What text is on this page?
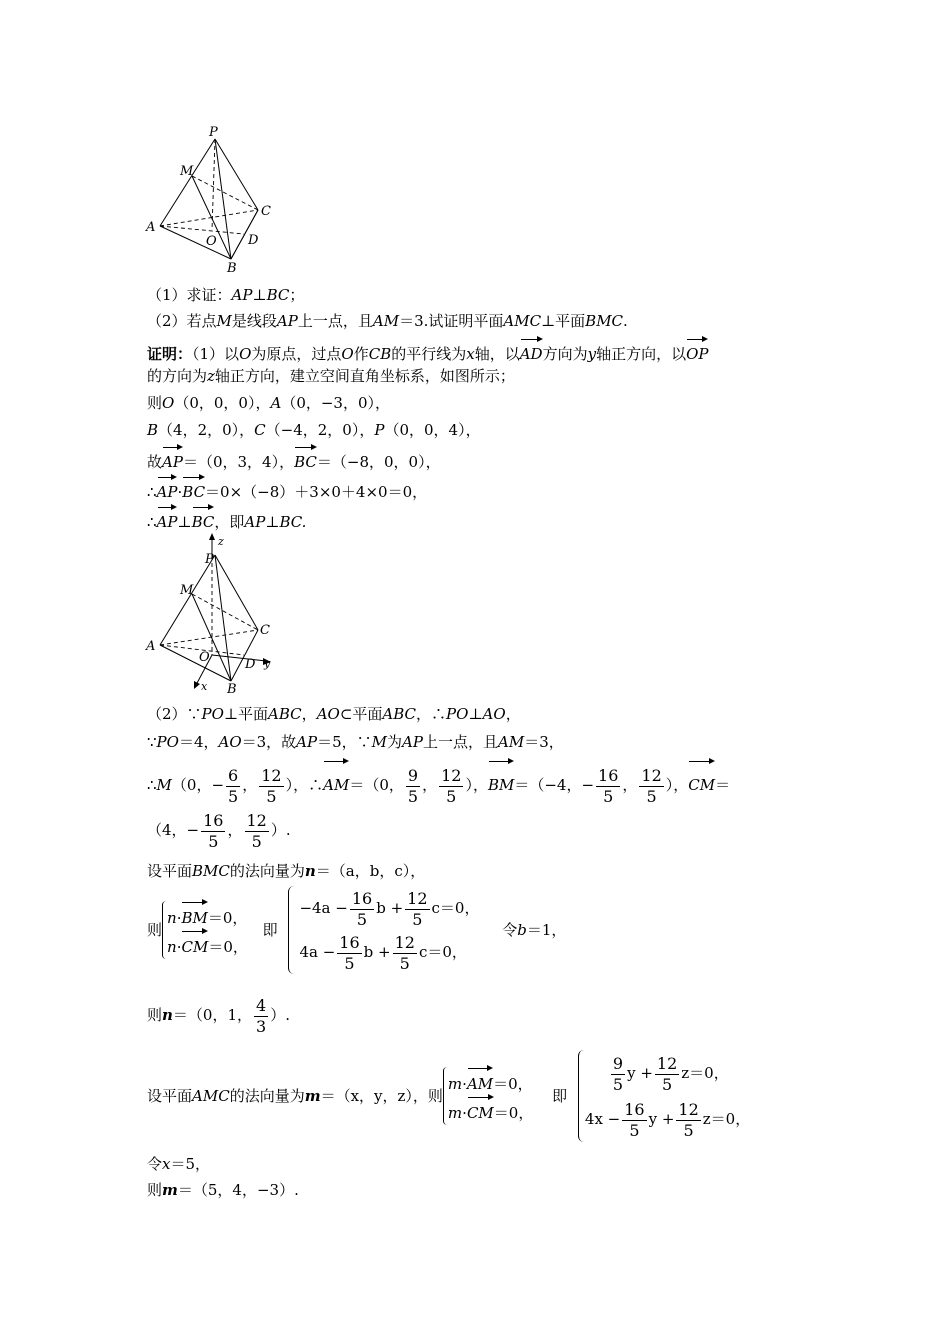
P
M
A
B
C
D
O
（1）求证：AP⊥BC；
（2）若点M是线段AP上一点，且AM＝3.试证明平面AMC⊥平面BMC.
证明：（1）以O为原点，过点O作CB的平行线为x轴，以AD方向为y轴正方向，以OP
的方向为z轴正方向，建立空间直角坐标系，如图所示；
则O（0，0，0），A（0，−3，0），
B（4，2，0），C（−4，2，0），P（0，0，4），
故AP＝（0，3，4），BC＝（−8，0，0），
∴AP·BC＝0×（−8）＋3×0＋4×0＝0，
∴AP⊥BC，即AP⊥BC.
P
z
M
A
B
C
D
O	y
x
（2）∵PO⊥平面ABC，AO⊂平面ABC，∴PO⊥AO，
∵PO＝4，AO＝3，故AP＝5，∵M为AP上一点，且AM＝3，
∴M（0，− $\frac{6}{5}$ ， $\frac{12}{5}$ ），∴AM＝（0， $\frac{9}{5}$ ， $\frac{12}{5}$ ），BM＝（−4，− $\frac{16}{5}$ ， $\frac{12}{5}$ ），CM＝
（4，− $\frac{16}{5}$ ， $\frac{12}{5}$ ）.
设平面BMC的法向量为n＝（a，b，c），
则
n·BM＝0，
n·CM＝0，
即
$-4a - \frac{16}{5}$ $b + \frac{12}{5} c=0$，
$4a - \frac{16}{5}$ $b + \frac{12}{5} c=0$，
令b＝1，
则n＝（0，1， $\frac{4}{3}$ ）.
设平面AMC的法向量为m＝（x，y，z），则
m·AM＝0，
m·CM＝0，
即
$\frac{9}{5}$ $y + \frac{12}{5} z=0$，
$4x - \frac{16}{5}$ $y + \frac{12}{5} z=0$，
令x＝5，
则m＝（5，4，−3）.
